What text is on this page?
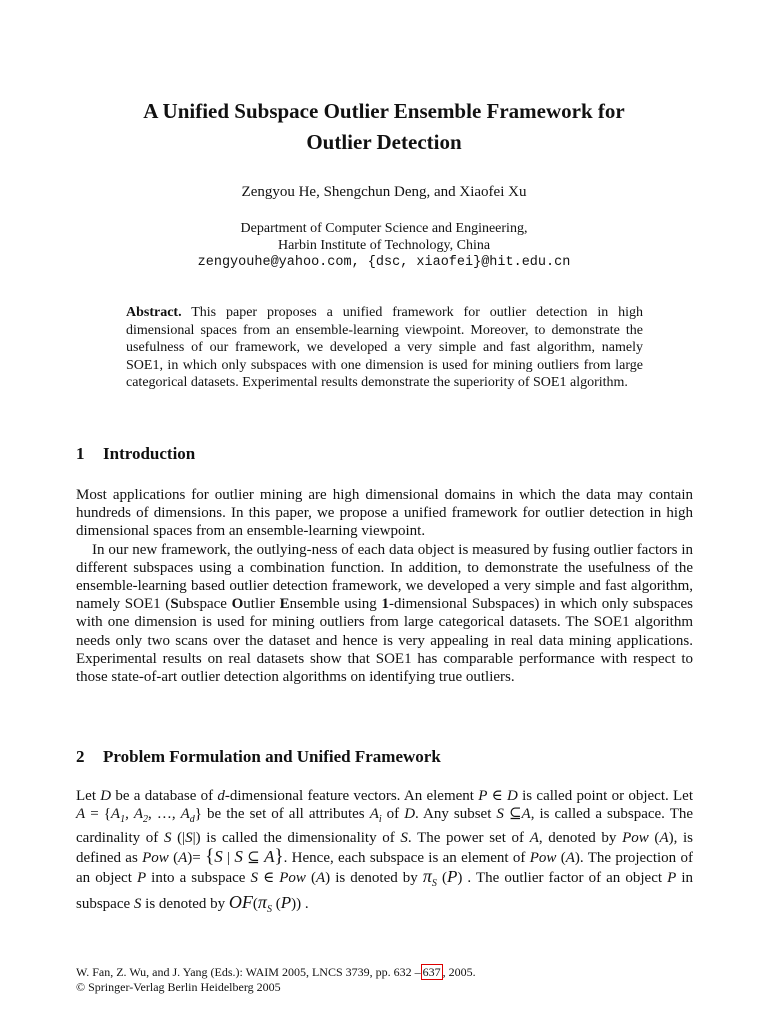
A Unified Subspace Outlier Ensemble Framework for
Outlier Detection
Zengyou He, Shengchun Deng, and Xiaofei Xu
Department of Computer Science and Engineering,
Harbin Institute of Technology, China
zengyouhe@yahoo.com, {dsc, xiaofei}@hit.edu.cn
Abstract. This paper proposes a unified framework for outlier detection in high dimensional spaces from an ensemble-learning viewpoint. Moreover, to demonstrate the usefulness of our framework, we developed a very simple and fast algorithm, namely SOE1, in which only subspaces with one dimension is used for mining outliers from large categorical datasets. Experimental results demonstrate the superiority of SOE1 algorithm.
1 Introduction

Most applications for outlier mining are high dimensional domains in which the data may contain hundreds of dimensions. In this paper, we propose a unified framework for outlier detection in high dimensional spaces from an ensemble-learning viewpoint.

In our new framework, the outlying-ness of each data object is measured by fusing outlier factors in different subspaces using a combination function. In addition, to demonstrate the usefulness of the ensemble-learning based outlier detection framework, we developed a very simple and fast algorithm, namely SOE1 (Subspace Outlier Ensemble using 1-dimensional Subspaces) in which only subspaces with one dimension is used for mining outliers from large categorical datasets. The SOE1 algorithm needs only two scans over the dataset and hence is very appealing in real data mining applications. Experimental results on real datasets show that SOE1 has comparable performance with respect to those state-of-art outlier detection algorithms on identifying true outliers.

2 Problem Formulation and Unified Framework

Let D be a database of d-dimensional feature vectors. An element P ∈ D is called point or object. Let $A = \{A_1$, $A_2$, …, $A_d$} be the set of all attributes $A_i$ of D. Any subset S ⊆A, is called a subspace. The cardinality of S (|S|) is called the dimensionality of S. The power set of A, denoted by Pow (A), is defined as Pow (A)= {S | S ⊆ A}. Hence, each subspace is an element of Pow (A). The projection of an object P into a subspace S ∈ Pow (A) is denoted by $\pi_S$ (P) . The outlier factor of an object P in subspace S is denoted by $OF(\pi_S$ (P)) .

W. Fan, Z. Wu, and J. Yang (Eds.): WAIM 2005, LNCS 3739, pp. 632 – 637 , 2005.
© Springer-Verlag Berlin Heidelberg 2005
